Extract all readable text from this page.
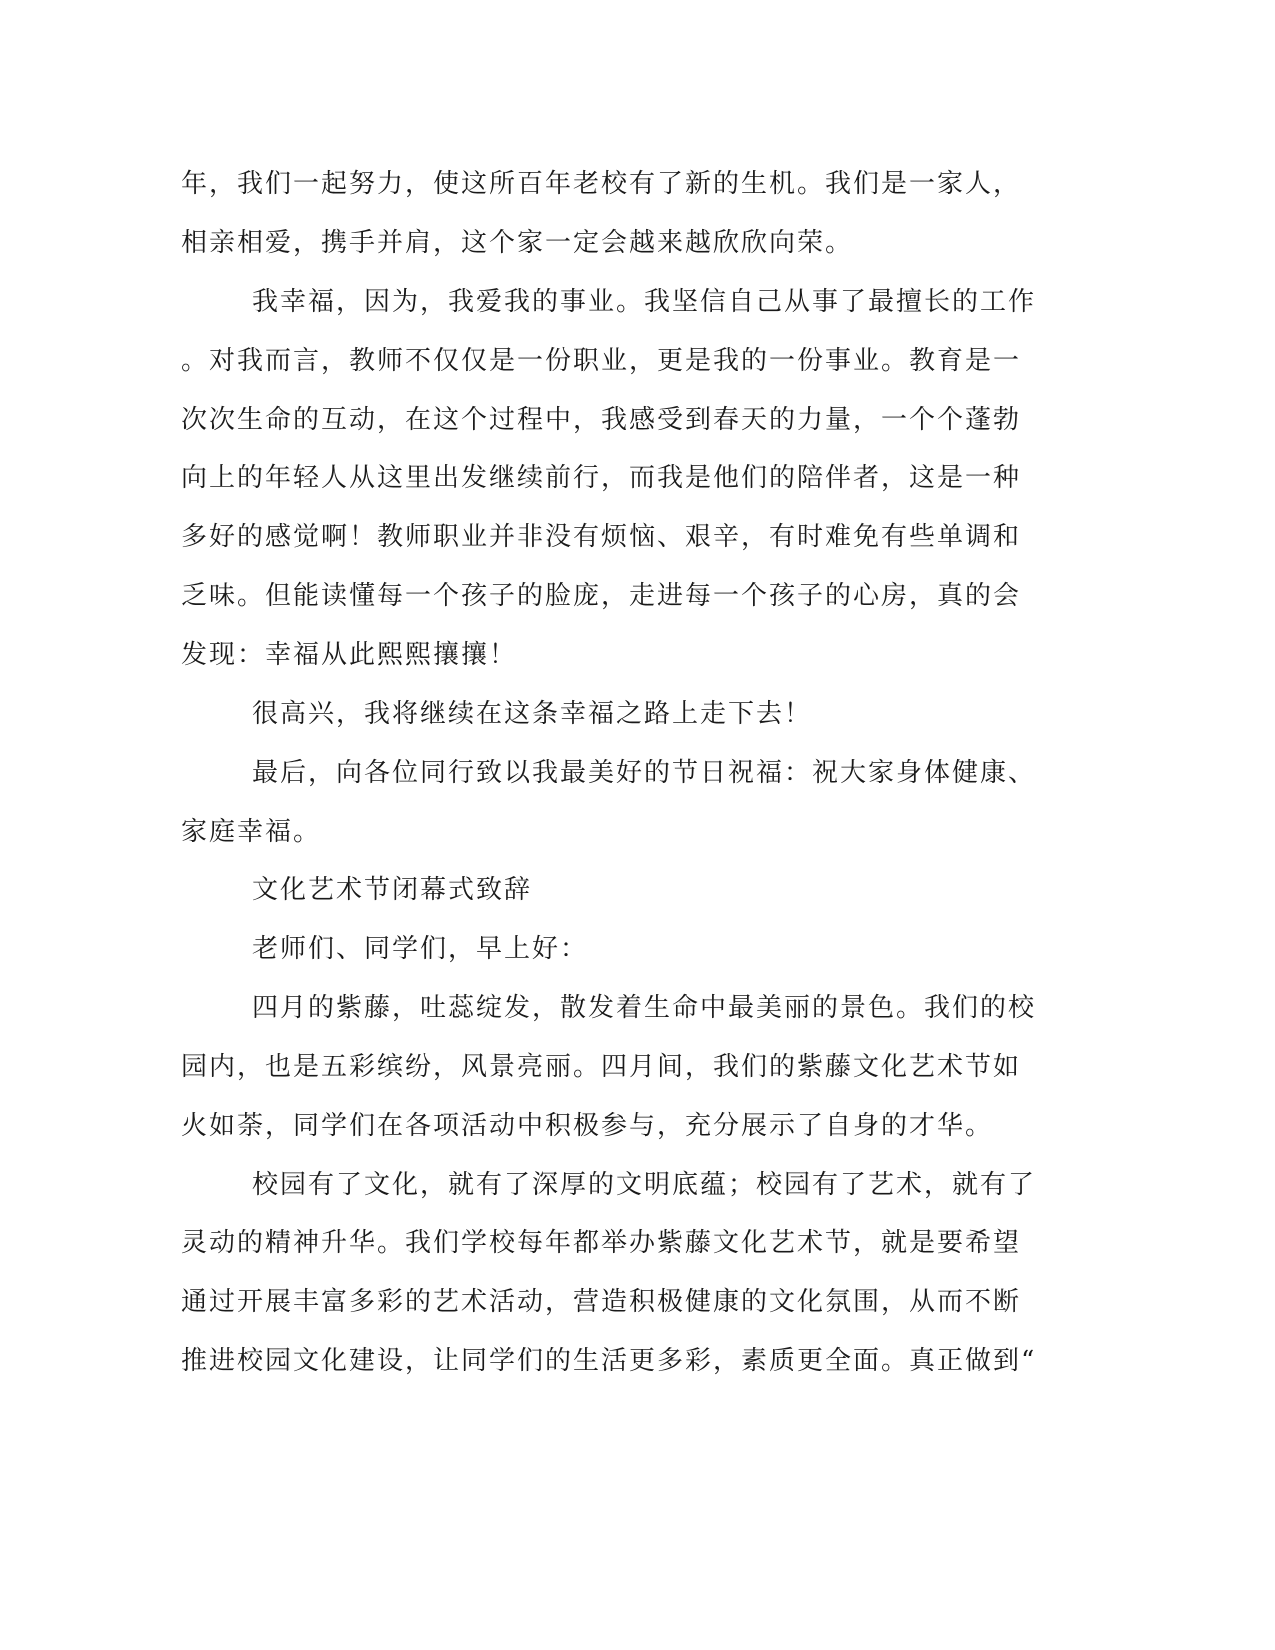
年，我们一起努力，使这所百年老校有了新的生机。我们是一家人，
相亲相爱，携手并肩，这个家一定会越来越欣欣向荣。
我幸福，因为，我爱我的事业。我坚信自己从事了最擅长的工作
。对我而言，教师不仅仅是一份职业，更是我的一份事业。教育是一
次次生命的互动，在这个过程中，我感受到春天的力量，一个个蓬勃
向上的年轻人从这里出发继续前行，而我是他们的陪伴者，这是一种
多好的感觉啊！教师职业并非没有烦恼、艰辛，有时难免有些单调和
乏味。但能读懂每一个孩子的脸庞，走进每一个孩子的心房，真的会
发现：幸福从此熙熙攘攘！
很高兴，我将继续在这条幸福之路上走下去！
最后，向各位同行致以我最美好的节日祝福：祝大家身体健康、
家庭幸福。
文化艺术节闭幕式致辞
老师们、同学们，早上好：
四月的紫藤，吐蕊绽发，散发着生命中最美丽的景色。我们的校
园内，也是五彩缤纷，风景亮丽。四月间，我们的紫藤文化艺术节如
火如荼，同学们在各项活动中积极参与，充分展示了自身的才华。
校园有了文化，就有了深厚的文明底蕴；校园有了艺术，就有了
灵动的精神升华。我们学校每年都举办紫藤文化艺术节，就是要希望
通过开展丰富多彩的艺术活动，营造积极健康的文化氛围，从而不断
推进校园文化建设，让同学们的生活更多彩，素质更全面。真正做到“
